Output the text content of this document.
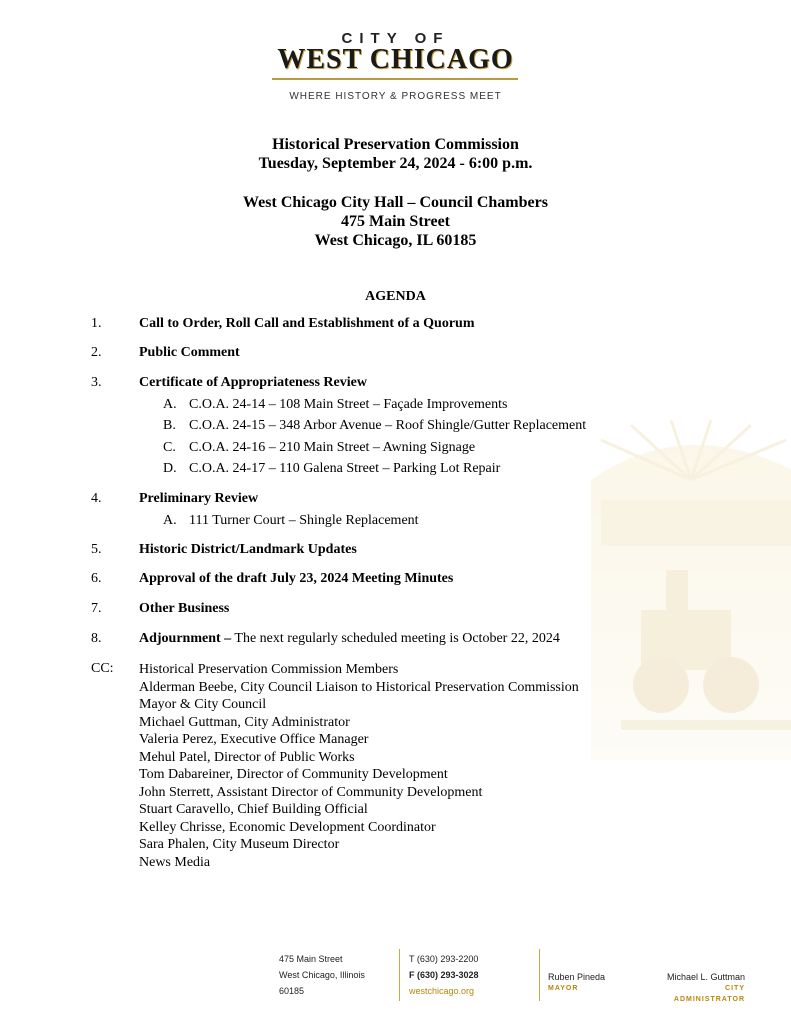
CITY OF
WEST CHICAGO
WHERE HISTORY & PROGRESS MEET
Historical Preservation Commission
Tuesday, September 24, 2024 - 6:00 p.m.
West Chicago City Hall – Council Chambers
475 Main Street
West Chicago, IL 60185
AGENDA
1.	Call to Order, Roll Call and Establishment of a Quorum
2.	Public Comment
3.	Certificate of Appropriateness Review
A. C.O.A. 24-14 – 108 Main Street – Façade Improvements
B. C.O.A. 24-15 – 348 Arbor Avenue – Roof Shingle/Gutter Replacement
C. C.O.A. 24-16 – 210 Main Street – Awning Signage
D. C.O.A. 24-17 – 110 Galena Street – Parking Lot Repair
4.	Preliminary Review
A. 111 Turner Court – Shingle Replacement
5.	Historic District/Landmark Updates
6.	Approval of the draft July 23, 2024 Meeting Minutes
7.	Other Business
8.	Adjournment – The next regularly scheduled meeting is October 22, 2024
CC: Historical Preservation Commission Members
Alderman Beebe, City Council Liaison to Historical Preservation Commission
Mayor & City Council
Michael Guttman, City Administrator
Valeria Perez, Executive Office Manager
Mehul Patel, Director of Public Works
Tom Dabareiner, Director of Community Development
John Sterrett, Assistant Director of Community Development
Stuart Caravello, Chief Building Official
Kelley Chrisse, Economic Development Coordinator
Sara Phalen, City Museum Director
News Media
475 Main Street
West Chicago, Illinois
60185
T (630) 293-2200
F (630) 293-3028
westchicago.org
Ruben Pineda
MAYOR
Michael L. Guttman
CITY ADMINISTRATOR
